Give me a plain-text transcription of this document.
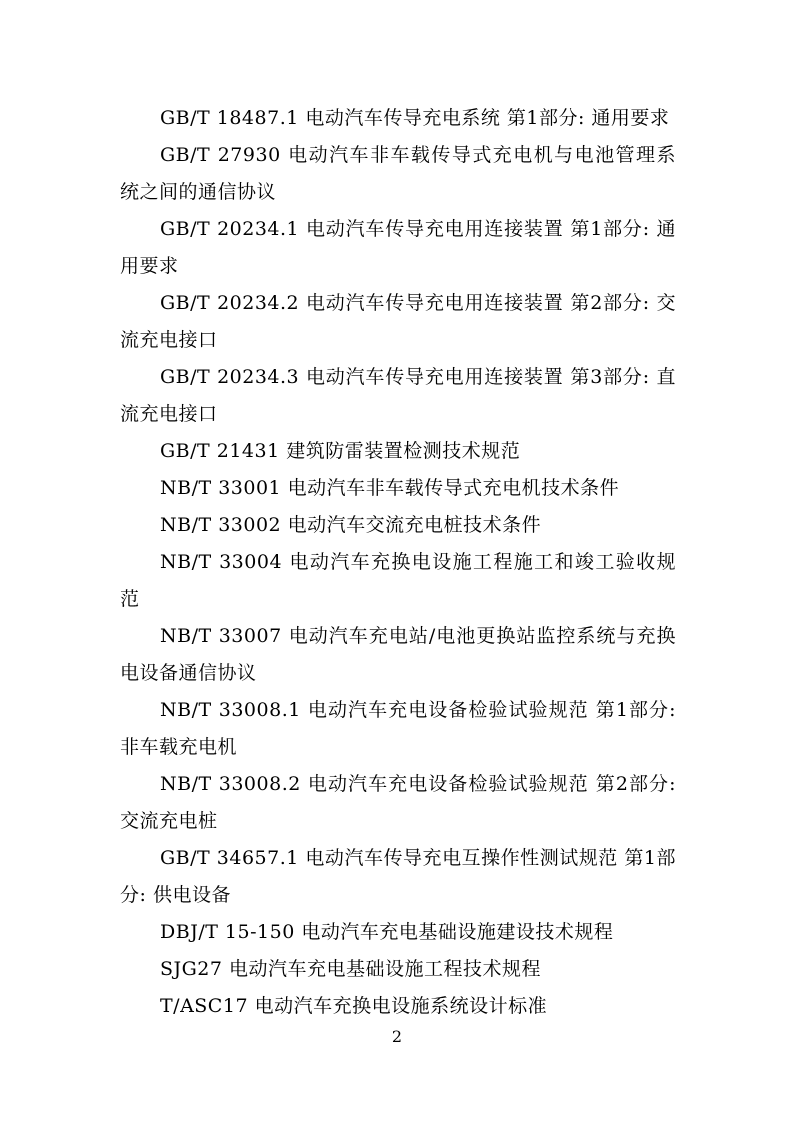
GB/T 18487.1 电动汽车传导充电系统 第1部分: 通用要求

GB/T 27930 电动汽车非车载传导式充电机与电池管理系统之间的通信协议

GB/T 20234.1 电动汽车传导充电用连接装置 第1部分: 通用要求

GB/T 20234.2 电动汽车传导充电用连接装置 第2部分: 交流充电接口

GB/T 20234.3 电动汽车传导充电用连接装置 第3部分: 直流充电接口

GB/T 21431 建筑防雷装置检测技术规范

NB/T 33001 电动汽车非车载传导式充电机技术条件

NB/T 33002 电动汽车交流充电桩技术条件

NB/T 33004 电动汽车充换电设施工程施工和竣工验收规范

NB/T 33007 电动汽车充电站/电池更换站监控系统与充换电设备通信协议

NB/T 33008.1 电动汽车充电设备检验试验规范 第1部分: 非车载充电机

NB/T 33008.2 电动汽车充电设备检验试验规范 第2部分: 交流充电桩

GB/T 34657.1 电动汽车传导充电互操作性测试规范 第1部分: 供电设备

DBJ/T 15-150 电动汽车充电基础设施建设技术规程

SJG27 电动汽车充电基础设施工程技术规程

T/ASC17 电动汽车充换电设施系统设计标准

2
